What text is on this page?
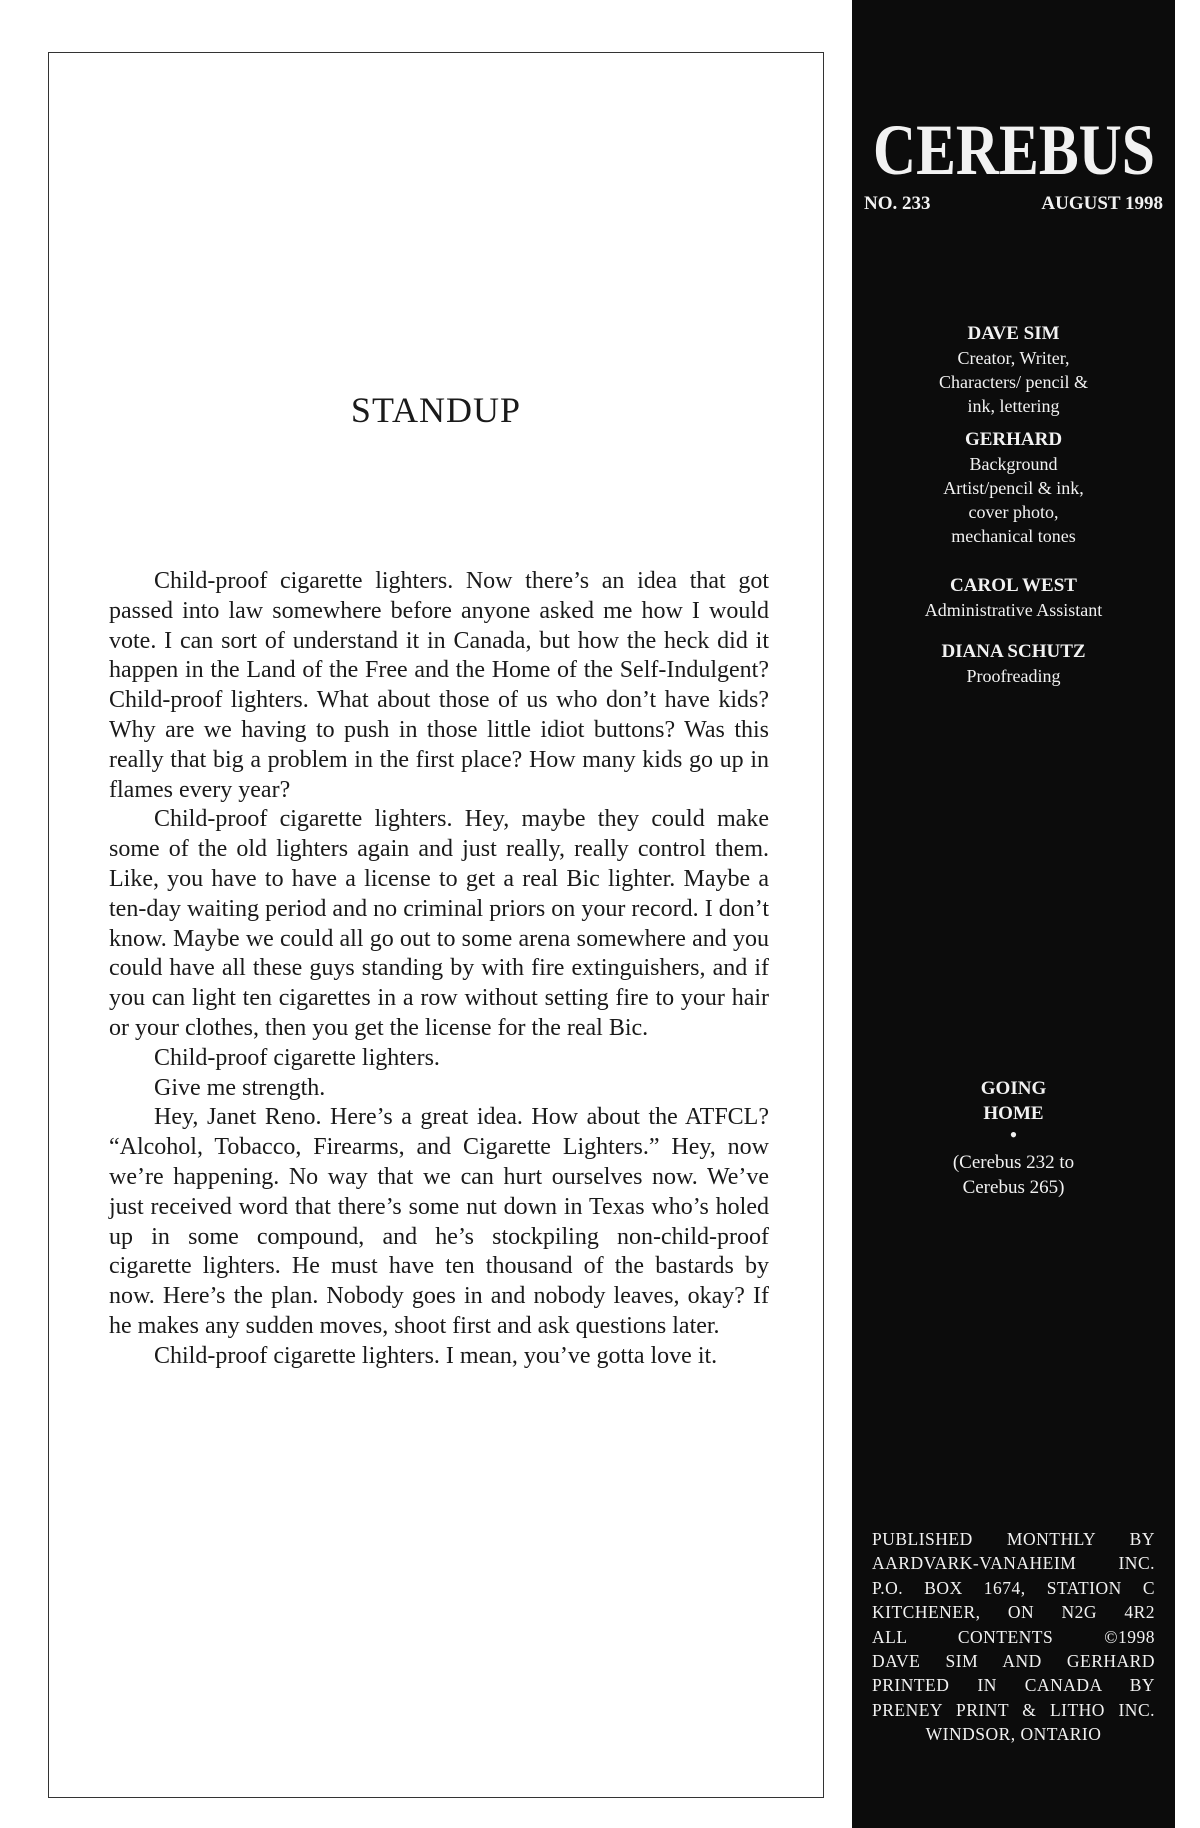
STANDUP

Child-proof cigarette lighters. Now there’s an idea that got passed into law somewhere before anyone asked me how I would vote. I can sort of understand it in Canada, but how the heck did it happen in the Land of the Free and the Home of the Self-Indulgent? Child-proof lighters. What about those of us who don’t have kids? Why are we having to push in those little idiot buttons? Was this really that big a problem in the first place? How many kids go up in flames every year?

Child-proof cigarette lighters. Hey, maybe they could make some of the old lighters again and just really, really control them. Like, you have to have a license to get a real Bic lighter. Maybe a ten-day waiting period and no criminal priors on your record. I don’t know. Maybe we could all go out to some arena somewhere and you could have all these guys standing by with fire extinguishers, and if you can light ten cigarettes in a row without setting fire to your hair or your clothes, then you get the license for the real Bic.

Child-proof cigarette lighters.

Give me strength.

Hey, Janet Reno. Here’s a great idea. How about the ATFCL? “Alcohol, Tobacco, Firearms, and Cigarette Lighters.” Hey, now we’re happening. No way that we can hurt ourselves now. We’ve just received word that there’s some nut down in Texas who’s holed up in some compound, and he’s stockpiling non-child-proof cigarette lighters. He must have ten thousand of the bastards by now. Here’s the plan. Nobody goes in and nobody leaves, okay? If he makes any sudden moves, shoot first and ask questions later.

Child-proof cigarette lighters. I mean, you’ve gotta love it.

CEREBUS
NO. 233	AUGUST 1998
DAVE SIM
Creator, Writer, Characters/ pencil & ink, lettering
GERHARD
Background Artist/pencil & ink, cover photo, mechanical tones
CAROL WEST
Administrative Assistant
DIANA SCHUTZ
Proofreading
GOING HOME
•
(Cerebus 232 to Cerebus 265)
PUBLISHED MONTHLY BY
AARDVARK-VANAHEIM INC.
P.O. BOX 1674, STATION C
KITCHENER, ON N2G 4R2
ALL CONTENTS ©1998
DAVE SIM AND GERHARD
PRINTED IN CANADA BY
PRENEY PRINT & LITHO INC.
WINDSOR, ONTARIO
